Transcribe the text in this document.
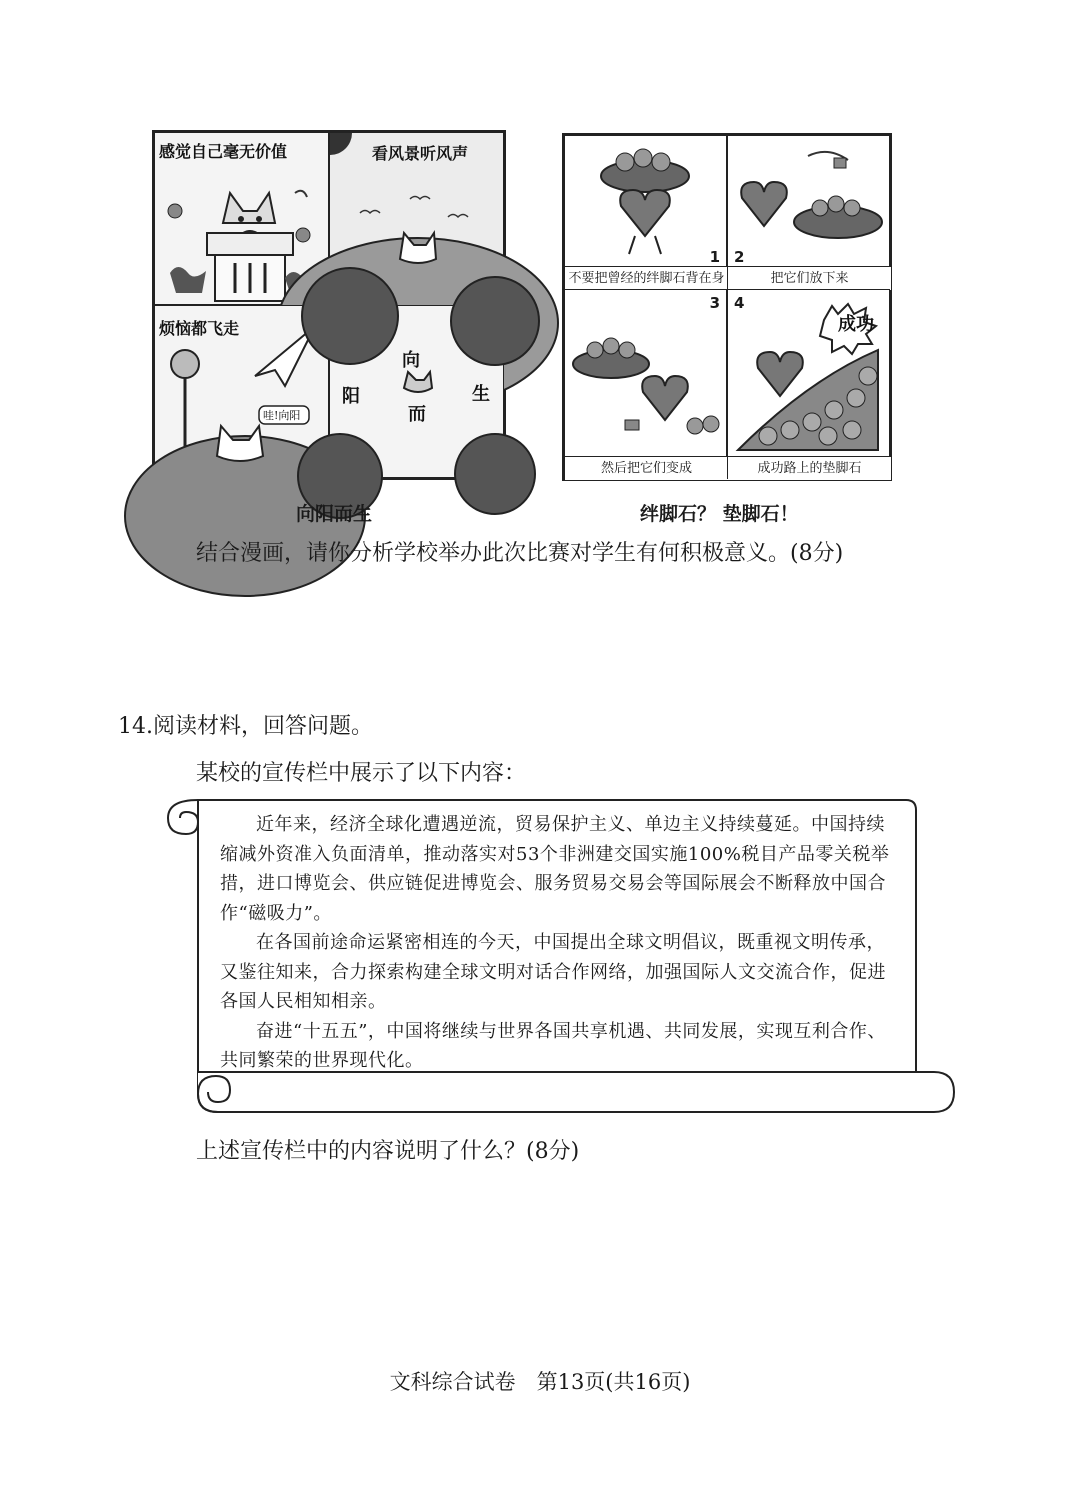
感觉自己毫无价值	看风景听风声
烦恼都飞走
哇!向阳
向
阳
而
生
向阳而生
1
不要把曾经的绊脚石背在身
2
把它们放下来
3
然后把它们变成
成功
4
成功路上的垫脚石
绊脚石？ 垫脚石！
结合漫画，请你分析学校举办此次比赛对学生有何积极意义。(8分)
14.阅读材料，回答问题。
某校的宣传栏中展示了以下内容：

近年来，经济全球化遭遇逆流，贸易保护主义、单边主义持续蔓延。中国持续缩减外资准入负面清单，推动落实对53个非洲建交国实施100%税目产品零关税举措，进口博览会、供应链促进博览会、服务贸易交易会等国际展会不断释放中国合作“磁吸力”。

在各国前途命运紧密相连的今天，中国提出全球文明倡议，既重视文明传承，又鉴往知来，合力探索构建全球文明对话合作网络，加强国际人文交流合作，促进各国人民相知相亲。

奋进“十五五”，中国将继续与世界各国共享机遇、共同发展，实现互利合作、共同繁荣的世界现代化。

上述宣传栏中的内容说明了什么？(8分)
文科综合试卷　第13页(共16页)
